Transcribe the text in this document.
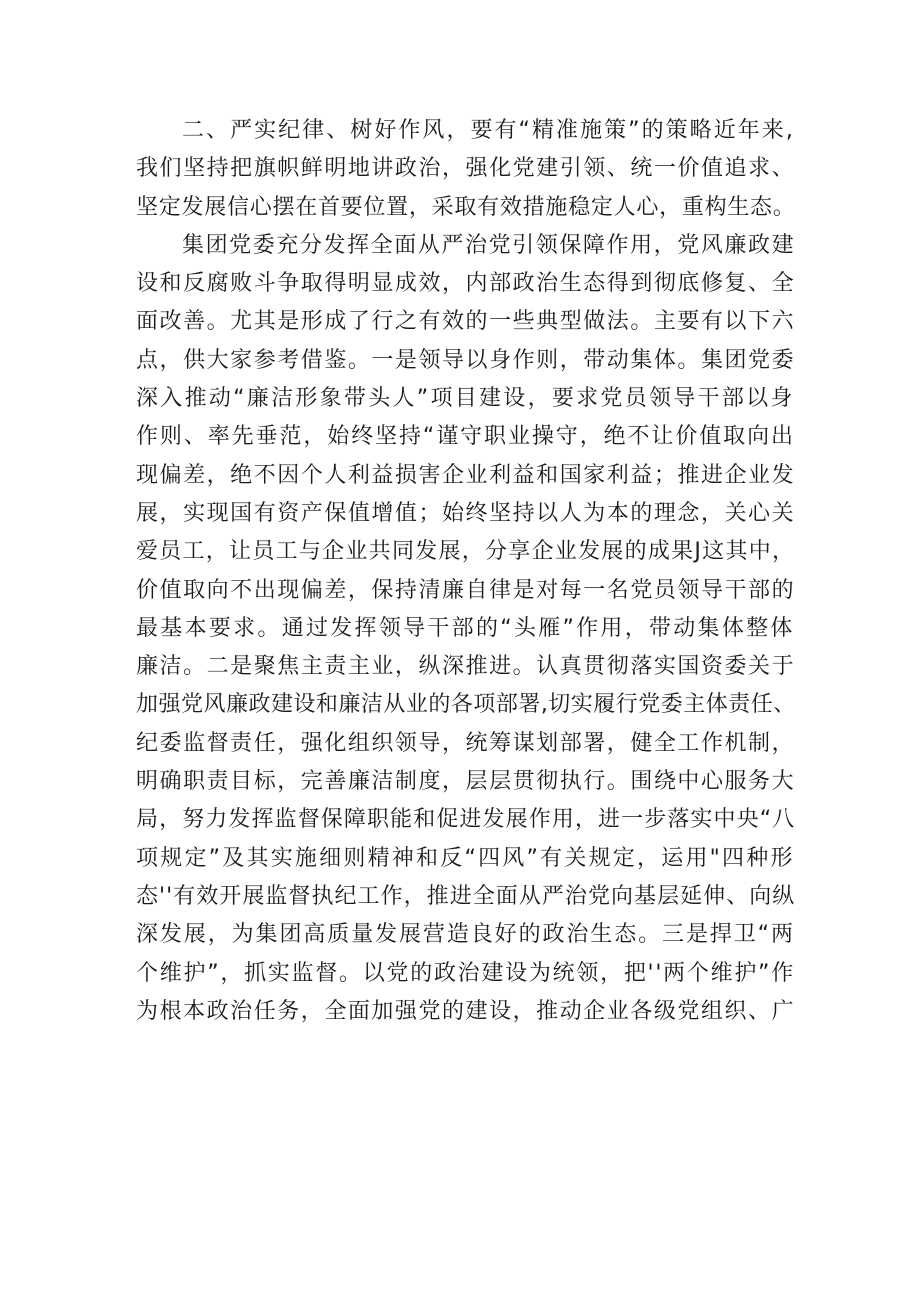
二、严实纪律、树好作风，要有“精准施策”的策略近年来,
我们坚持把旗帜鲜明地讲政治，强化党建引领、统一价值追求、
坚定发展信心摆在首要位置，采取有效措施稳定人心，重构生态。
集团党委充分发挥全面从严治党引领保障作用，党风廉政建
设和反腐败斗争取得明显成效，内部政治生态得到彻底修复、全
面改善。尤其是形成了行之有效的一些典型做法。主要有以下六
点，供大家参考借鉴。一是领导以身作则，带动集体。集团党委
深入推动“廉洁形象带头人”项目建设，要求党员领导干部以身
作则、率先垂范，始终坚持“谨守职业操守，绝不让价值取向出
现偏差，绝不因个人利益损害企业利益和国家利益；推进企业发
展，实现国有资产保值增值；始终坚持以人为本的理念，关心关
爱员工，让员工与企业共同发展，分享企业发展的成果J这其中，
价值取向不出现偏差，保持清廉自律是对每一名党员领导干部的
最基本要求。通过发挥领导干部的“头雁”作用，带动集体整体
廉洁。二是聚焦主责主业，纵深推进。认真贯彻落实国资委关于
加强党风廉政建设和廉洁从业的各项部署,切实履行党委主体责任、
纪委监督责任，强化组织领导，统筹谋划部署，健全工作机制，
明确职责目标，完善廉洁制度，层层贯彻执行。围绕中心服务大
局，努力发挥监督保障职能和促进发展作用，进一步落实中央“八
项规定”及其实施细则精神和反“四风”有关规定，运用"四种形
态''有效开展监督执纪工作，推进全面从严治党向基层延伸、向纵
深发展，为集团高质量发展营造良好的政治生态。三是捍卫“两
个维护”，抓实监督。以党的政治建设为统领，把''两个维护”作
为根本政治任务，全面加强党的建设，推动企业各级党组织、广
